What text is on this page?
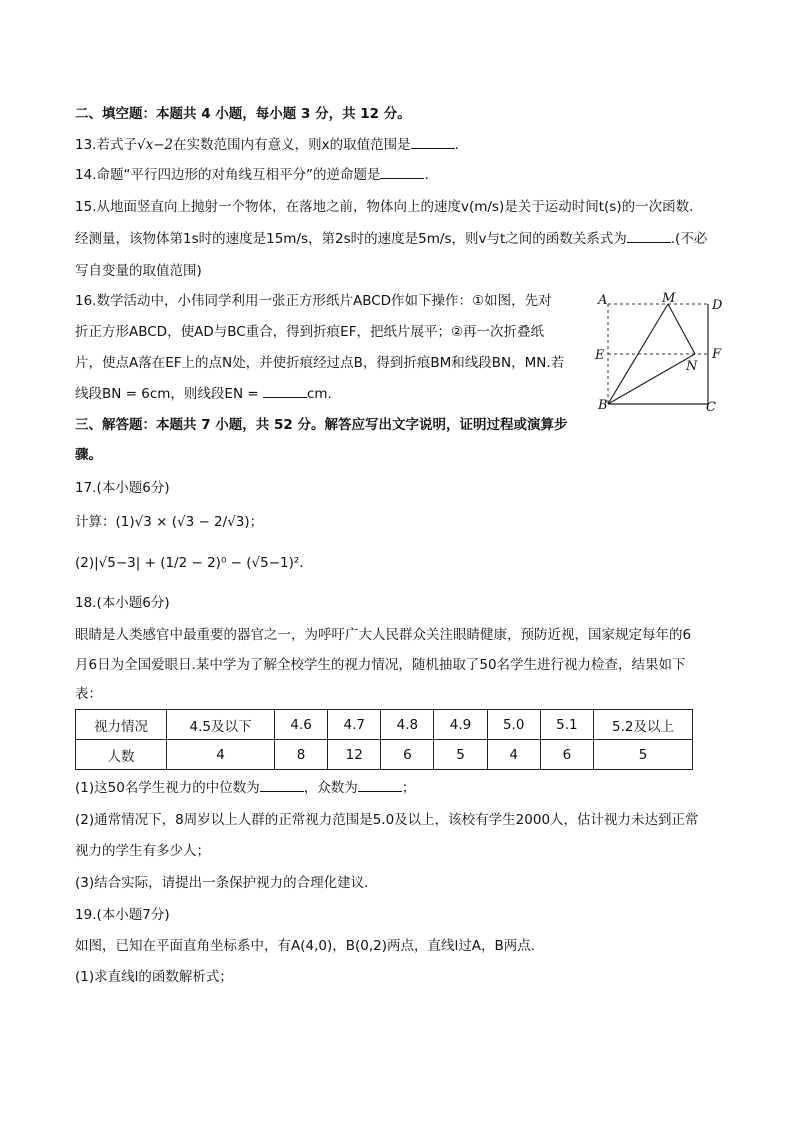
二、填空题：本题共 4 小题，每小题 3 分，共 12 分。
13.若式子√x−2在实数范围内有意义，则x的取值范围是	.
14.命题“平行四边形的对角线互相平分”的逆命题是	.
15.从地面竖直向上抛射一个物体，在落地之前，物体向上的速度v(m/s)是关于运动时间t(s)的一次函数.
经测量，该物体第1s时的速度是15m/s，第2s时的速度是5m/s，则v与t之间的函数关系式为	.(不必
写自变量的取值范围)
16.数学活动中，小伟同学利用一张正方形纸片ABCD作如下操作：①如图，先对
折正方形ABCD，使AD与BC重合，得到折痕EF，把纸片展平；②再一次折叠纸
片，使点A落在EF上的点N处，并使折痕经过点B，得到折痕BM和线段BN，MN.若
线段BN = 6cm，则线段EN =	cm.
A	M	D
E	F
N
B	C
三、解答题：本题共 7 小题，共 52 分。解答应写出文字说明，证明过程或演算步
骤。
17.(本小题6分)
计算：(1)√3 × (√3 − 2/√3)；
(2)|√5−3| + (1/2 − 2)⁰ − (√5−1)².
18.(本小题6分)
眼睛是人类感官中最重要的器官之一，为呼吁广大人民群众关注眼睛健康，预防近视，国家规定每年的6
月6日为全国爱眼日.某中学为了解全校学生的视力情况，随机抽取了50名学生进行视力检查，结果如下
表：
视力情况	4.5及以下	4.6	4.7	4.8	4.9	5.0	5.1	5.2及以上
人数	4	8	12	6	5	4	6	5
(1)这50名学生视力的中位数为	，众数为	；
(2)通常情况下，8周岁以上人群的正常视力范围是5.0及以上，该校有学生2000人，估计视力未达到正常
视力的学生有多少人；
(3)结合实际，请提出一条保护视力的合理化建议.
19.(本小题7分)
如图，已知在平面直角坐标系中，有A(4,0)，B(0,2)两点，直线l过A，B两点.
(1)求直线l的函数解析式；
